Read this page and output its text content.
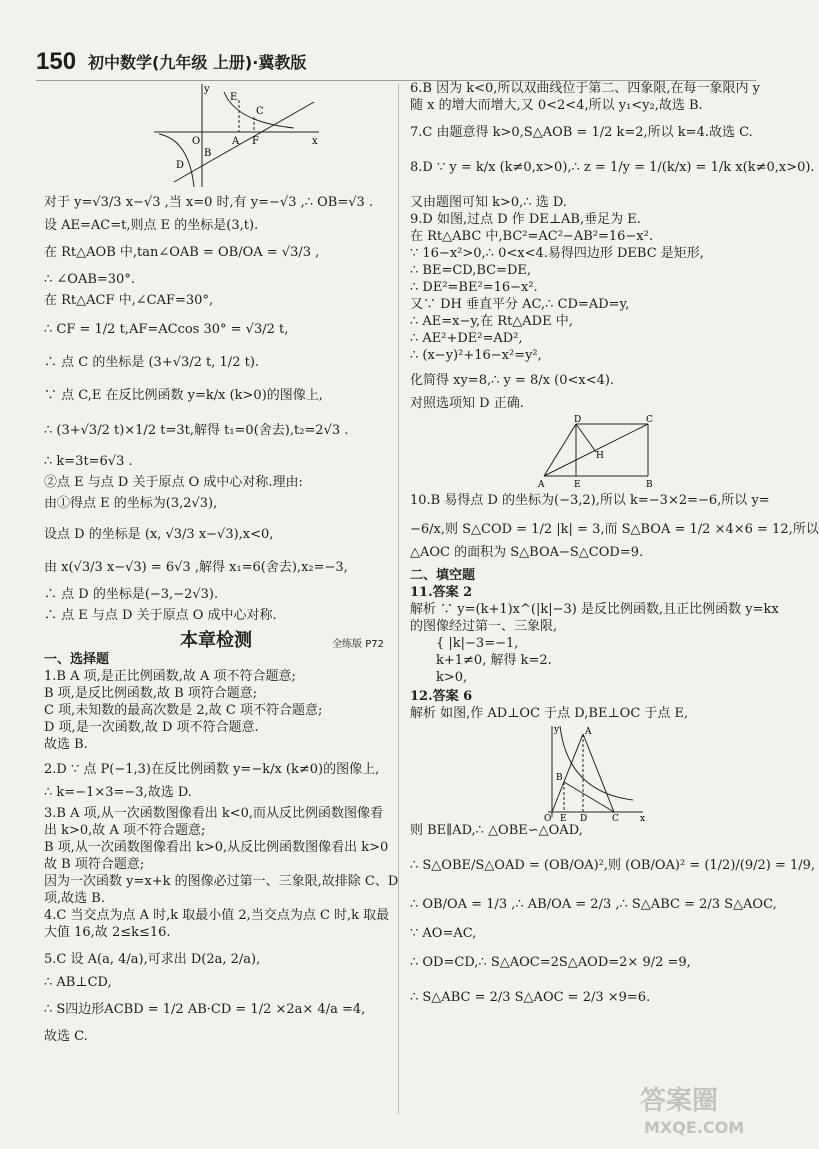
150 初中数学(九年级 上册)·冀教版
y
E
C
O	A F	x
B
D
对于 y=√3/3 x−√3 ,当 x=0 时,有 y=−√3 ,∴ OB=√3 .
设 AE=AC=t,则点 E 的坐标是(3,t).
在 Rt△AOB 中,tan∠OAB = OB/OA = √3/3 ,
∴ ∠OAB=30°.
在 Rt△ACF 中,∠CAF=30°,
∴ CF = 1/2 t,AF=ACcos 30° = √3/2 t,
∴ 点 C 的坐标是 (3+√3/2 t, 1/2 t).
∵ 点 C,E 在反比例函数 y=k/x (k>0)的图像上,
∴ (3+√3/2 t)×1/2 t=3t,解得 t₁=0(舍去),t₂=2√3 .
∴ k=3t=6√3 .
②点 E 与点 D 关于原点 O 成中心对称.理由:
由①得点 E 的坐标为(3,2√3),
设点 D 的坐标是 (x, √3/3 x−√3),x<0,
由 x(√3/3 x−√3) = 6√3 ,解得 x₁=6(舍去),x₂=−3,
∴ 点 D 的坐标是(−3,−2√3).
∴ 点 E 与点 D 关于原点 O 成中心对称.
本章检测	全练版 P72
一、选择题
1.B A 项,是正比例函数,故 A 项不符合题意;
B 项,是反比例函数,故 B 项符合题意;
C 项,未知数的最高次数是 2,故 C 项不符合题意;
D 项,是一次函数,故 D 项不符合题意.
故选 B.
2.D ∵ 点 P(−1,3)在反比例函数 y=−k/x (k≠0)的图像上,
∴ k=−1×3=−3,故选 D.
3.B A 项,从一次函数图像看出 k<0,而从反比例函数图像看
出 k>0,故 A 项不符合题意;
B 项,从一次函数图像看出 k>0,从反比例函数图像看出 k>0
故 B 项符合题意;
因为一次函数 y=x+k 的图像必过第一、三象限,故排除 C、D
项,故选 B.
4.C 当交点为点 A 时,k 取最小值 2,当交点为点 C 时,k 取最
大值 16,故 2≤k≤16.
5.C 设 A(a, 4/a),可求出 D(2a, 2/a),
∴ AB⊥CD,
∴ S四边形ACBD = 1/2 AB·CD = 1/2 ×2a× 4/a =4,
故选 C.
6.B 因为 k<0,所以双曲线位于第二、四象限,在每一象限内 y
随 x 的增大而增大,又 0<2<4,所以 y₁<y₂,故选 B.
7.C 由题意得 k>0,S△AOB = 1/2 k=2,所以 k=4.故选 C.
8.D ∵ y = k/x (k≠0,x>0),∴ z = 1/y = 1/(k/x) = 1/k x(k≠0,x>0).
又由题图可知 k>0,∴ 选 D.
9.D 如图,过点 D 作 DE⊥AB,垂足为 E.
在 Rt△ABC 中,BC²=AC²−AB²=16−x².
∵ 16−x²>0,∴ 0<x<4.易得四边形 DEBC 是矩形,
∴ BE=CD,BC=DE,
∴ DE²=BE²=16−x².
又∵ DH 垂直平分 AC,∴ CD=AD=y,
∴ AE=x−y,在 Rt△ADE 中,
∴ AE²+DE²=AD²,
∴ (x−y)²+16−x²=y²,
化简得 xy=8,∴ y = 8/x (0<x<4).
对照选项知 D 正确.
D	C
H
A	E	B
10.B 易得点 D 的坐标为(−3,2),所以 k=−3×2=−6,所以 y=
−6/x,则 S△COD = 1/2 |k| = 3,而 S△BOA = 1/2 ×4×6 = 12,所以
△AOC 的面积为 S△BOA−S△COD=9.
二、填空题
11.答案 2
解析 ∵ y=(k+1)x^(|k|−3) 是反比例函数,且正比例函数 y=kx
的图像经过第一、三象限,
{ |k|−3=−1,
k+1≠0, 解得 k=2.
k>0,
12.答案 6
解析 如图,作 AD⊥OC 于点 D,BE⊥OC 于点 E,
y	A
B
E D
O	C x
则 BE∥AD,∴ △OBE∽△OAD,
∴ S△OBE/S△OAD = (OB/OA)²,则 (OB/OA)² = (1/2)/(9/2) = 1/9,
∴ OB/OA = 1/3 ,∴ AB/OA = 2/3 ,∴ S△ABC = 2/3 S△AOC,
∵ AO=AC,
∴ OD=CD,∴ S△AOC=2S△AOD=2× 9/2 =9,
∴ S△ABC = 2/3 S△AOC = 2/3 ×9=6.
答案圈
MXQE.COM
